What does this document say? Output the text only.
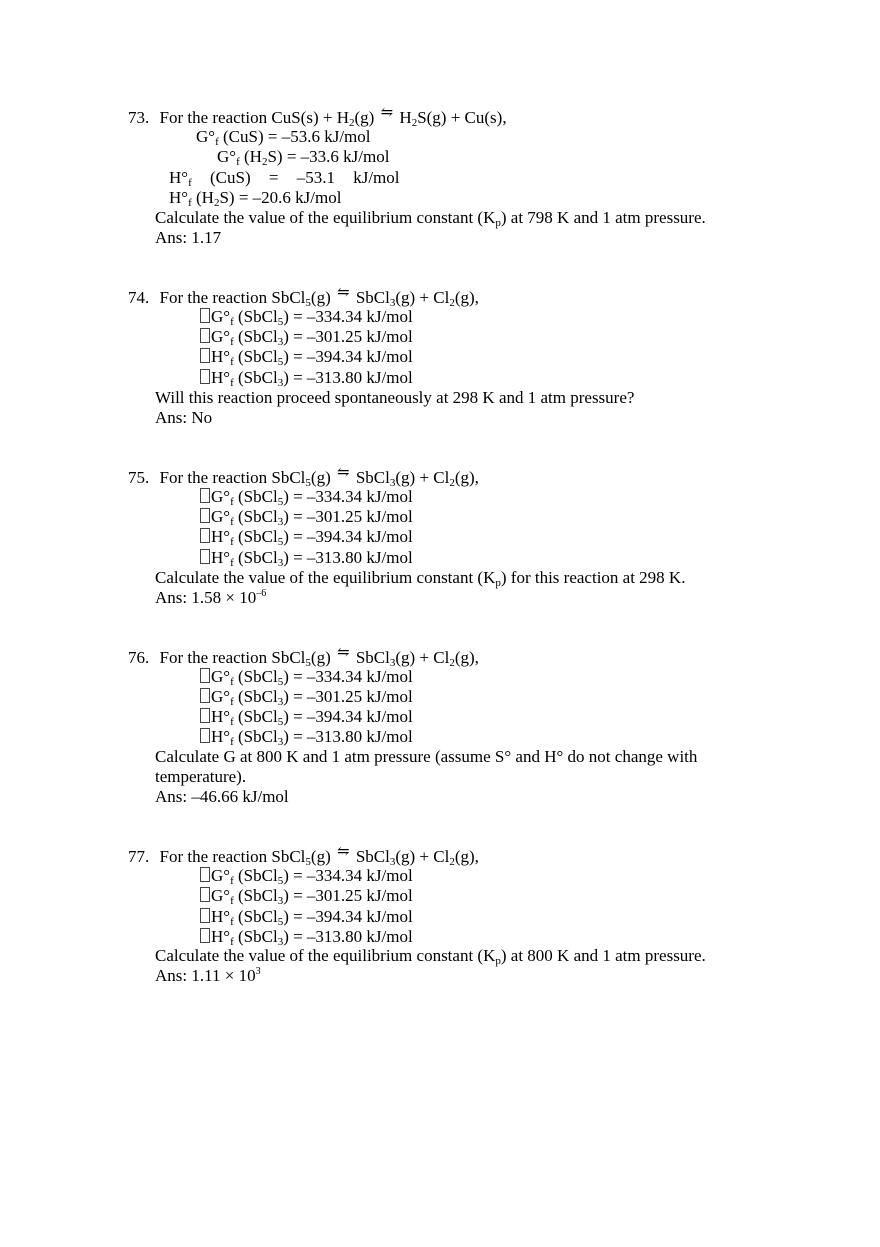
73. For the reaction $CuS(s) + H_2(g)$ ⇋ $H_2S(g) + Cu(s)$,
$G^\circ_f$ (CuS) = –53.6 kJ/mol
$G^\circ_f$ $(H_2S) = -33.6$ kJ/mol
$H^\circ_f$ (CuS) = –53.1 kJ/mol
$H^\circ_f$ $(H_2S) = -20.6$ kJ/mol
Calculate the value of the equilibrium constant $(K_p)$ at 798 K and 1 atm pressure.
Ans: 1.17
74. For the reaction SbCl$_5$(g) ⇋ SbCl$_3$(g) + $Cl_2(g)$,
$G^\circ_f$ (SbCl$_5$) = –334.34 kJ/mol
$G^\circ_f$ (SbCl$_3$) = –301.25 kJ/mol
$H^\circ_f$ (SbCl$_5$) = –394.34 kJ/mol
$H^\circ_f$ (SbCl$_3$) = –313.80 kJ/mol
Will this reaction proceed spontaneously at 298 K and 1 atm pressure?
Ans: No
75. For the reaction SbCl$_5$(g) ⇋ SbCl$_3$(g) + $Cl_2(g)$,
$G^\circ_f$ (SbCl$_5$) = –334.34 kJ/mol
$G^\circ_f$ (SbCl$_3$) = –301.25 kJ/mol
$H^\circ_f$ (SbCl$_5$) = –394.34 kJ/mol
$H^\circ_f$ (SbCl$_3$) = –313.80 kJ/mol
Calculate the value of the equilibrium constant $(K_p)$ for this reaction at 298 K.
Ans: $1.58 \times 10^{-6}$
76. For the reaction SbCl$_5$(g) ⇋ SbCl$_3$(g) + $Cl_2(g)$,
$G^\circ_f$ (SbCl$_5$) = –334.34 kJ/mol
$G^\circ_f$ (SbCl$_3$) = –301.25 kJ/mol
$H^\circ_f$ (SbCl$_5$) = –394.34 kJ/mol
$H^\circ_f$ (SbCl$_3$) = –313.80 kJ/mol
Calculate G at 800 K and 1 atm pressure (assume S° and H° do not change with
temperature).
Ans: –46.66 kJ/mol
77. For the reaction SbCl$_5$(g) ⇋ SbCl$_3$(g) + $Cl_2(g)$,
$G^\circ_f$ (SbCl$_5$) = –334.34 kJ/mol
$G^\circ_f$ (SbCl$_3$) = –301.25 kJ/mol
$H^\circ_f$ (SbCl$_5$) = –394.34 kJ/mol
$H^\circ_f$ (SbCl$_3$) = –313.80 kJ/mol
Calculate the value of the equilibrium constant $(K_p)$ at 800 K and 1 atm pressure.
Ans: $1.11 \times 10^3$
